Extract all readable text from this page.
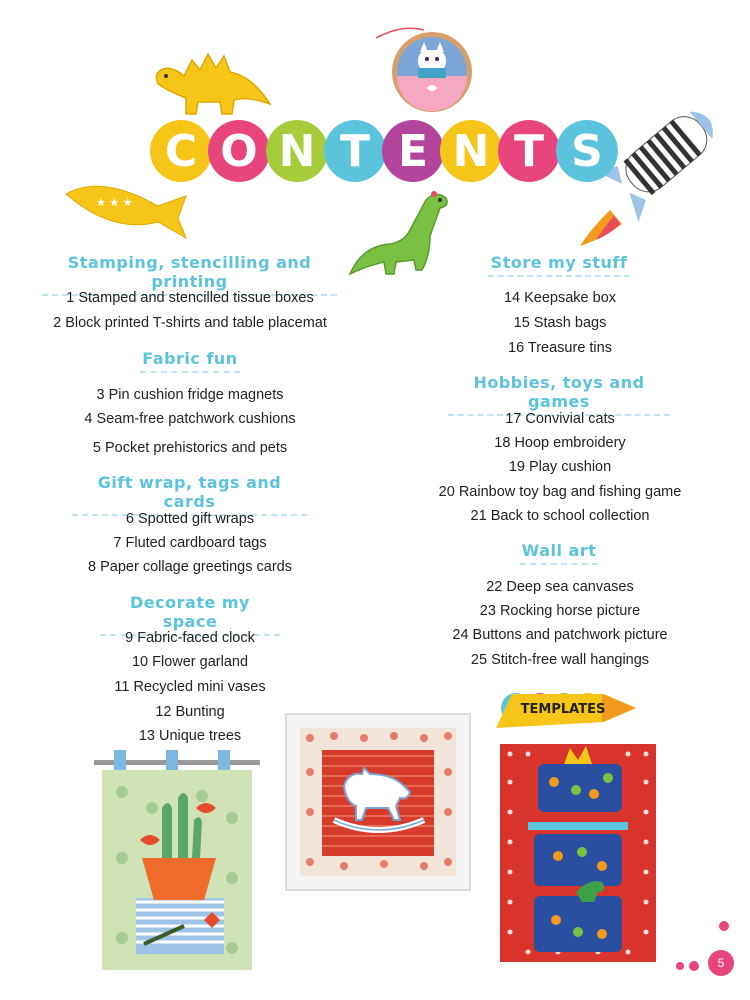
★ ★ ★
C O N T E N T S
Stamping, stencilling and printing
1 Stamped and stencilled tissue boxes
2 Block printed T-shirts and table placemat
Fabric fun
3 Pin cushion fridge magnets
4 Seam-free patchwork cushions
5 Pocket prehistorics and pets
Gift wrap, tags and cards
6 Spotted gift wraps
7 Fluted cardboard tags
8 Paper collage greetings cards
Decorate my space
9 Fabric-faced clock
10 Flower garland
11 Recycled mini vases
12 Bunting
13 Unique trees
Store my stuff
14 Keepsake box
15 Stash bags
16 Treasure tins
Hobbies, toys and games
17 Convivial cats
18 Hoop embroidery
19 Play cushion
20 Rainbow toy bag and fishing game
21 Back to school collection
Wall art
22 Deep sea canvases
23 Rocking horse picture
24 Buttons and patchwork picture
25 Stitch-free wall hangings
TEMPLATES
5
